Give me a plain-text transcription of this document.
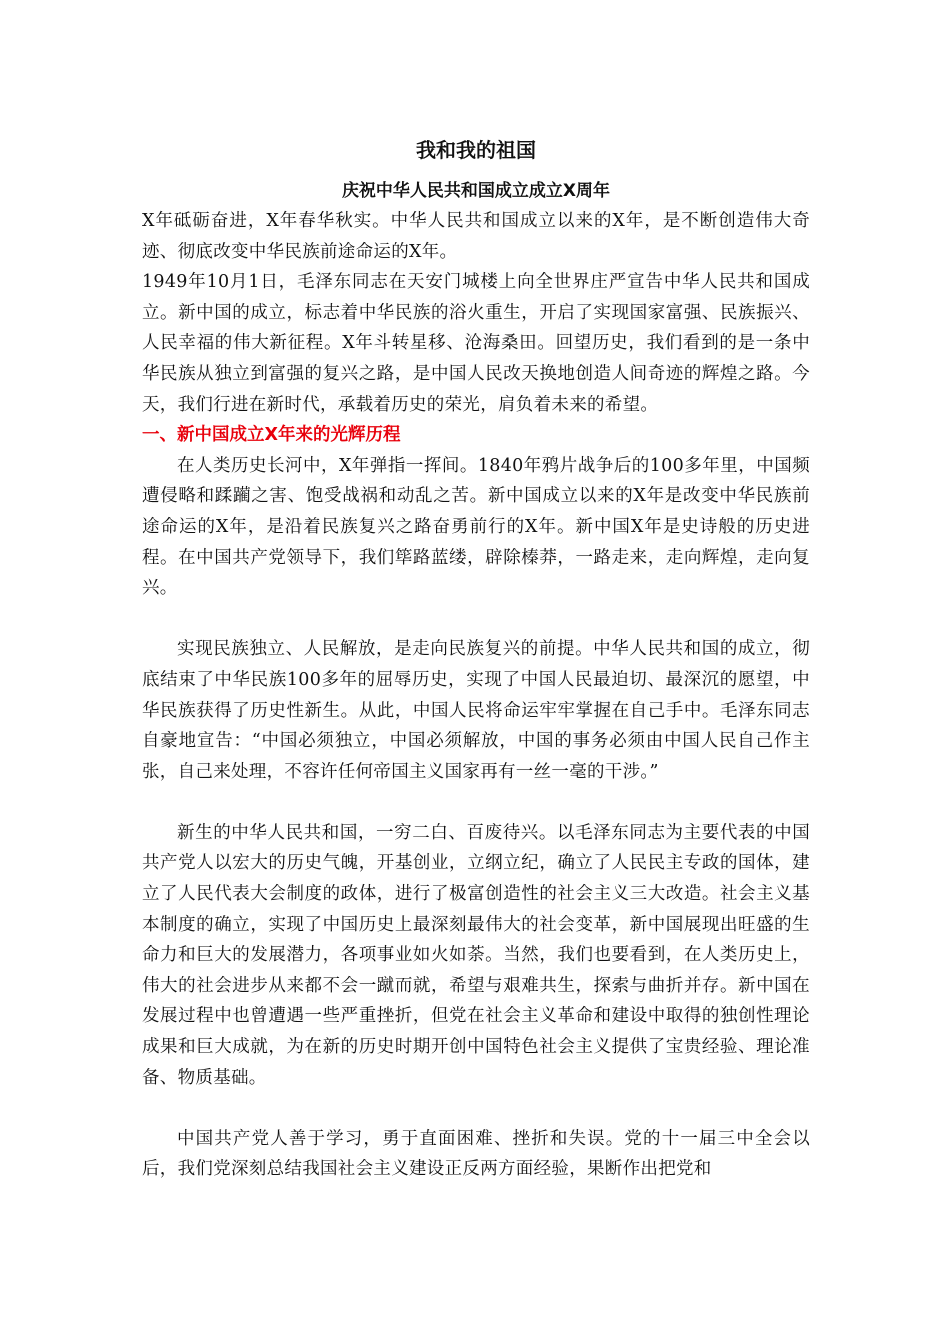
我和我的祖国
庆祝中华人民共和国成立成立X周年

X年砥砺奋进，X年春华秋实。中华人民共和国成立以来的X年，是不断创造伟大奇迹、彻底改变中华民族前途命运的X年。

1949年10月1日，毛泽东同志在天安门城楼上向全世界庄严宣告中华人民共和国成立。新中国的成立，标志着中华民族的浴火重生，开启了实现国家富强、民族振兴、人民幸福的伟大新征程。X年斗转星移、沧海桑田。回望历史，我们看到的是一条中华民族从独立到富强的复兴之路，是中国人民改天换地创造人间奇迹的辉煌之路。今天，我们行进在新时代，承载着历史的荣光，肩负着未来的希望。

一、新中国成立X年来的光辉历程

在人类历史长河中，X年弹指一挥间。1840年鸦片战争后的100多年里，中国频遭侵略和蹂躏之害、饱受战祸和动乱之苦。新中国成立以来的X年是改变中华民族前途命运的X年，是沿着民族复兴之路奋勇前行的X年。新中国X年是史诗般的历史进程。在中国共产党领导下，我们筚路蓝缕，辟除榛莽，一路走来，走向辉煌，走向复兴。

实现民族独立、人民解放，是走向民族复兴的前提。中华人民共和国的成立，彻底结束了中华民族100多年的屈辱历史，实现了中国人民最迫切、最深沉的愿望，中华民族获得了历史性新生。从此，中国人民将命运牢牢掌握在自己手中。毛泽东同志自豪地宣告：“中国必须独立，中国必须解放，中国的事务必须由中国人民自己作主张，自己来处理，不容许任何帝国主义国家再有一丝一毫的干涉。”

新生的中华人民共和国，一穷二白、百废待兴。以毛泽东同志为主要代表的中国共产党人以宏大的历史气魄，开基创业，立纲立纪，确立了人民民主专政的国体，建立了人民代表大会制度的政体，进行了极富创造性的社会主义三大改造。社会主义基本制度的确立，实现了中国历史上最深刻最伟大的社会变革，新中国展现出旺盛的生命力和巨大的发展潜力，各项事业如火如荼。当然，我们也要看到，在人类历史上，伟大的社会进步从来都不会一蹴而就，希望与艰难共生，探索与曲折并存。新中国在发展过程中也曾遭遇一些严重挫折，但党在社会主义革命和建设中取得的独创性理论成果和巨大成就，为在新的历史时期开创中国特色社会主义提供了宝贵经验、理论准备、物质基础。

中国共产党人善于学习，勇于直面困难、挫折和失误。党的十一届三中全会以后，我们党深刻总结我国社会主义建设正反两方面经验，果断作出把党和
